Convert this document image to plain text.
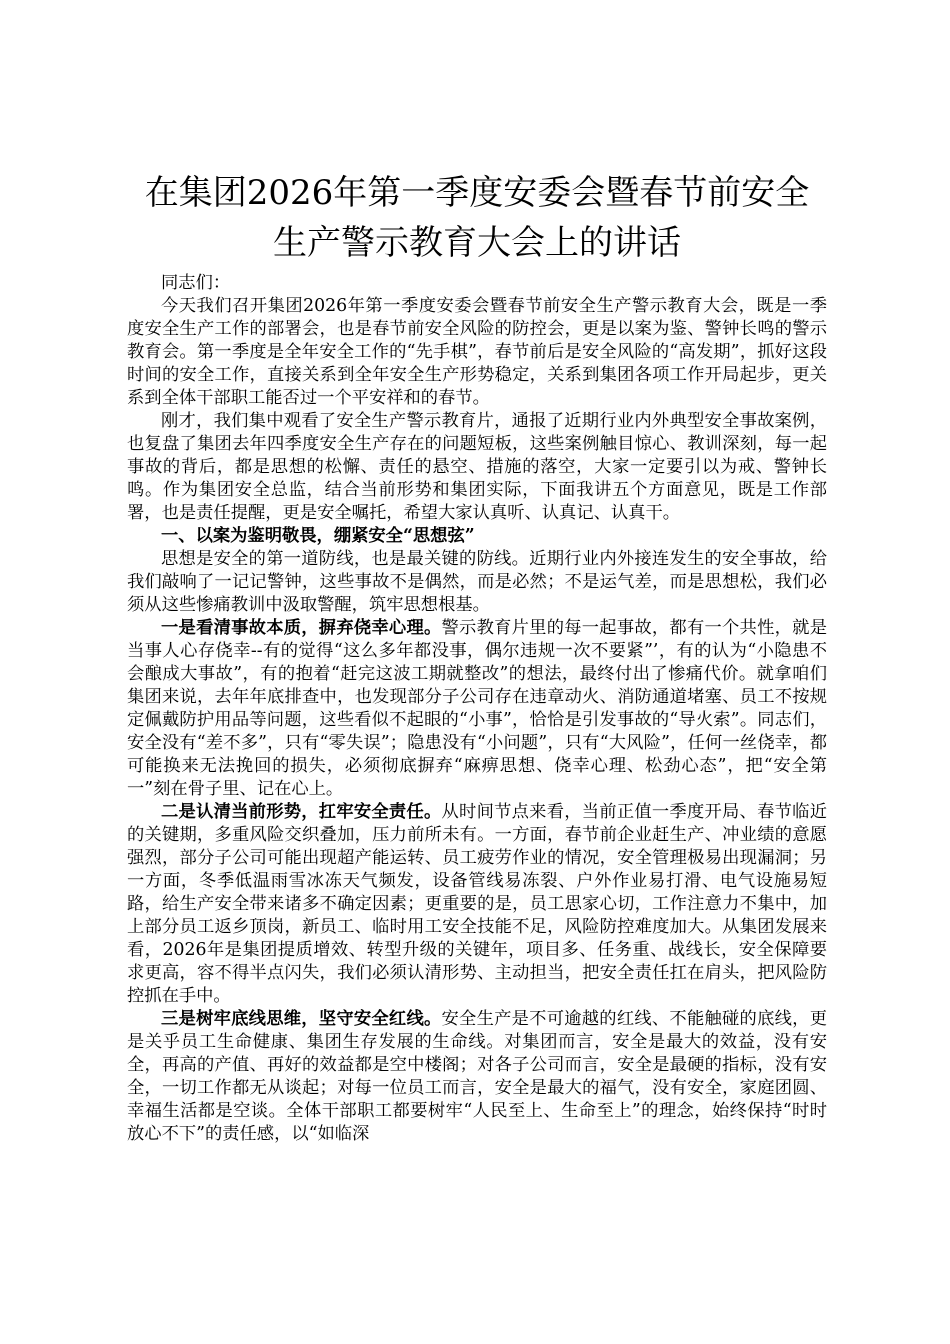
在集团2026年第一季度安委会暨春节前安全
生产警示教育大会上的讲话

同志们：

今天我们召开集团2026年第一季度安委会暨春节前安全生产警示教育大会，既是一季度安全生产工作的部署会，也是春节前安全风险的防控会，更是以案为鉴、警钟长鸣的警示教育会。第一季度是全年安全工作的“先手棋”，春节前后是安全风险的“高发期”，抓好这段时间的安全工作，直接关系到全年安全生产形势稳定，关系到集团各项工作开局起步，更关系到全体干部职工能否过一个平安祥和的春节。

刚才，我们集中观看了安全生产警示教育片，通报了近期行业内外典型安全事故案例，也复盘了集团去年四季度安全生产存在的问题短板，这些案例触目惊心、教训深刻，每一起事故的背后，都是思想的松懈、责任的悬空、措施的落空，大家一定要引以为戒、警钟长鸣。作为集团安全总监，结合当前形势和集团实际，下面我讲五个方面意见，既是工作部署，也是责任提醒，更是安全嘱托，希望大家认真听、认真记、认真干。

一、以案为鉴明敬畏，绷紧安全“思想弦”

思想是安全的第一道防线，也是最关键的防线。近期行业内外接连发生的安全事故，给我们敲响了一记记警钟，这些事故不是偶然，而是必然；不是运气差，而是思想松，我们必须从这些惨痛教训中汲取警醒，筑牢思想根基。

一是看清事故本质，摒弃侥幸心理。警示教育片里的每一起事故，都有一个共性，就是当事人心存侥幸--有的觉得“这么多年都没事，偶尔违规一次不要紧”’，有的认为“小隐患不会酿成大事故”，有的抱着“赶完这波工期就整改”的想法，最终付出了惨痛代价。就拿咱们集团来说，去年年底排查中，也发现部分子公司存在违章动火、消防通道堵塞、员工不按规定佩戴防护用品等问题，这些看似不起眼的“小事”，恰恰是引发事故的“导火索”。同志们，安全没有“差不多”，只有“零失误”；隐患没有“小问题”，只有“大风险”，任何一丝侥幸，都可能换来无法挽回的损失，必须彻底摒弃“麻痹思想、侥幸心理、松劲心态”，把“安全第一”刻在骨子里、记在心上。

二是认清当前形势，扛牢安全责任。从时间节点来看，当前正值一季度开局、春节临近的关键期，多重风险交织叠加，压力前所未有。一方面，春节前企业赶生产、冲业绩的意愿强烈，部分子公司可能出现超产能运转、员工疲劳作业的情况，安全管理极易出现漏洞；另一方面，冬季低温雨雪冰冻天气频发，设备管线易冻裂、户外作业易打滑、电气设施易短路，给生产安全带来诸多不确定因素；更重要的是，员工思家心切，工作注意力不集中，加上部分员工返乡顶岗，新员工、临时用工安全技能不足，风险防控难度加大。从集团发展来看，2026年是集团提质增效、转型升级的关键年，项目多、任务重、战线长，安全保障要求更高，容不得半点闪失，我们必须认清形势、主动担当，把安全责任扛在肩头，把风险防控抓在手中。

三是树牢底线思维，坚守安全红线。安全生产是不可逾越的红线、不能触碰的底线，更是关乎员工生命健康、集团生存发展的生命线。对集团而言，安全是最大的效益，没有安全，再高的产值、再好的效益都是空中楼阁；对各子公司而言，安全是最硬的指标，没有安全，一切工作都无从谈起；对每一位员工而言，安全是最大的福气，没有安全，家庭团圆、幸福生活都是空谈。全体干部职工都要树牢“人民至上、生命至上”的理念，始终保持“时时放心不下”的责任感，以“如临深
